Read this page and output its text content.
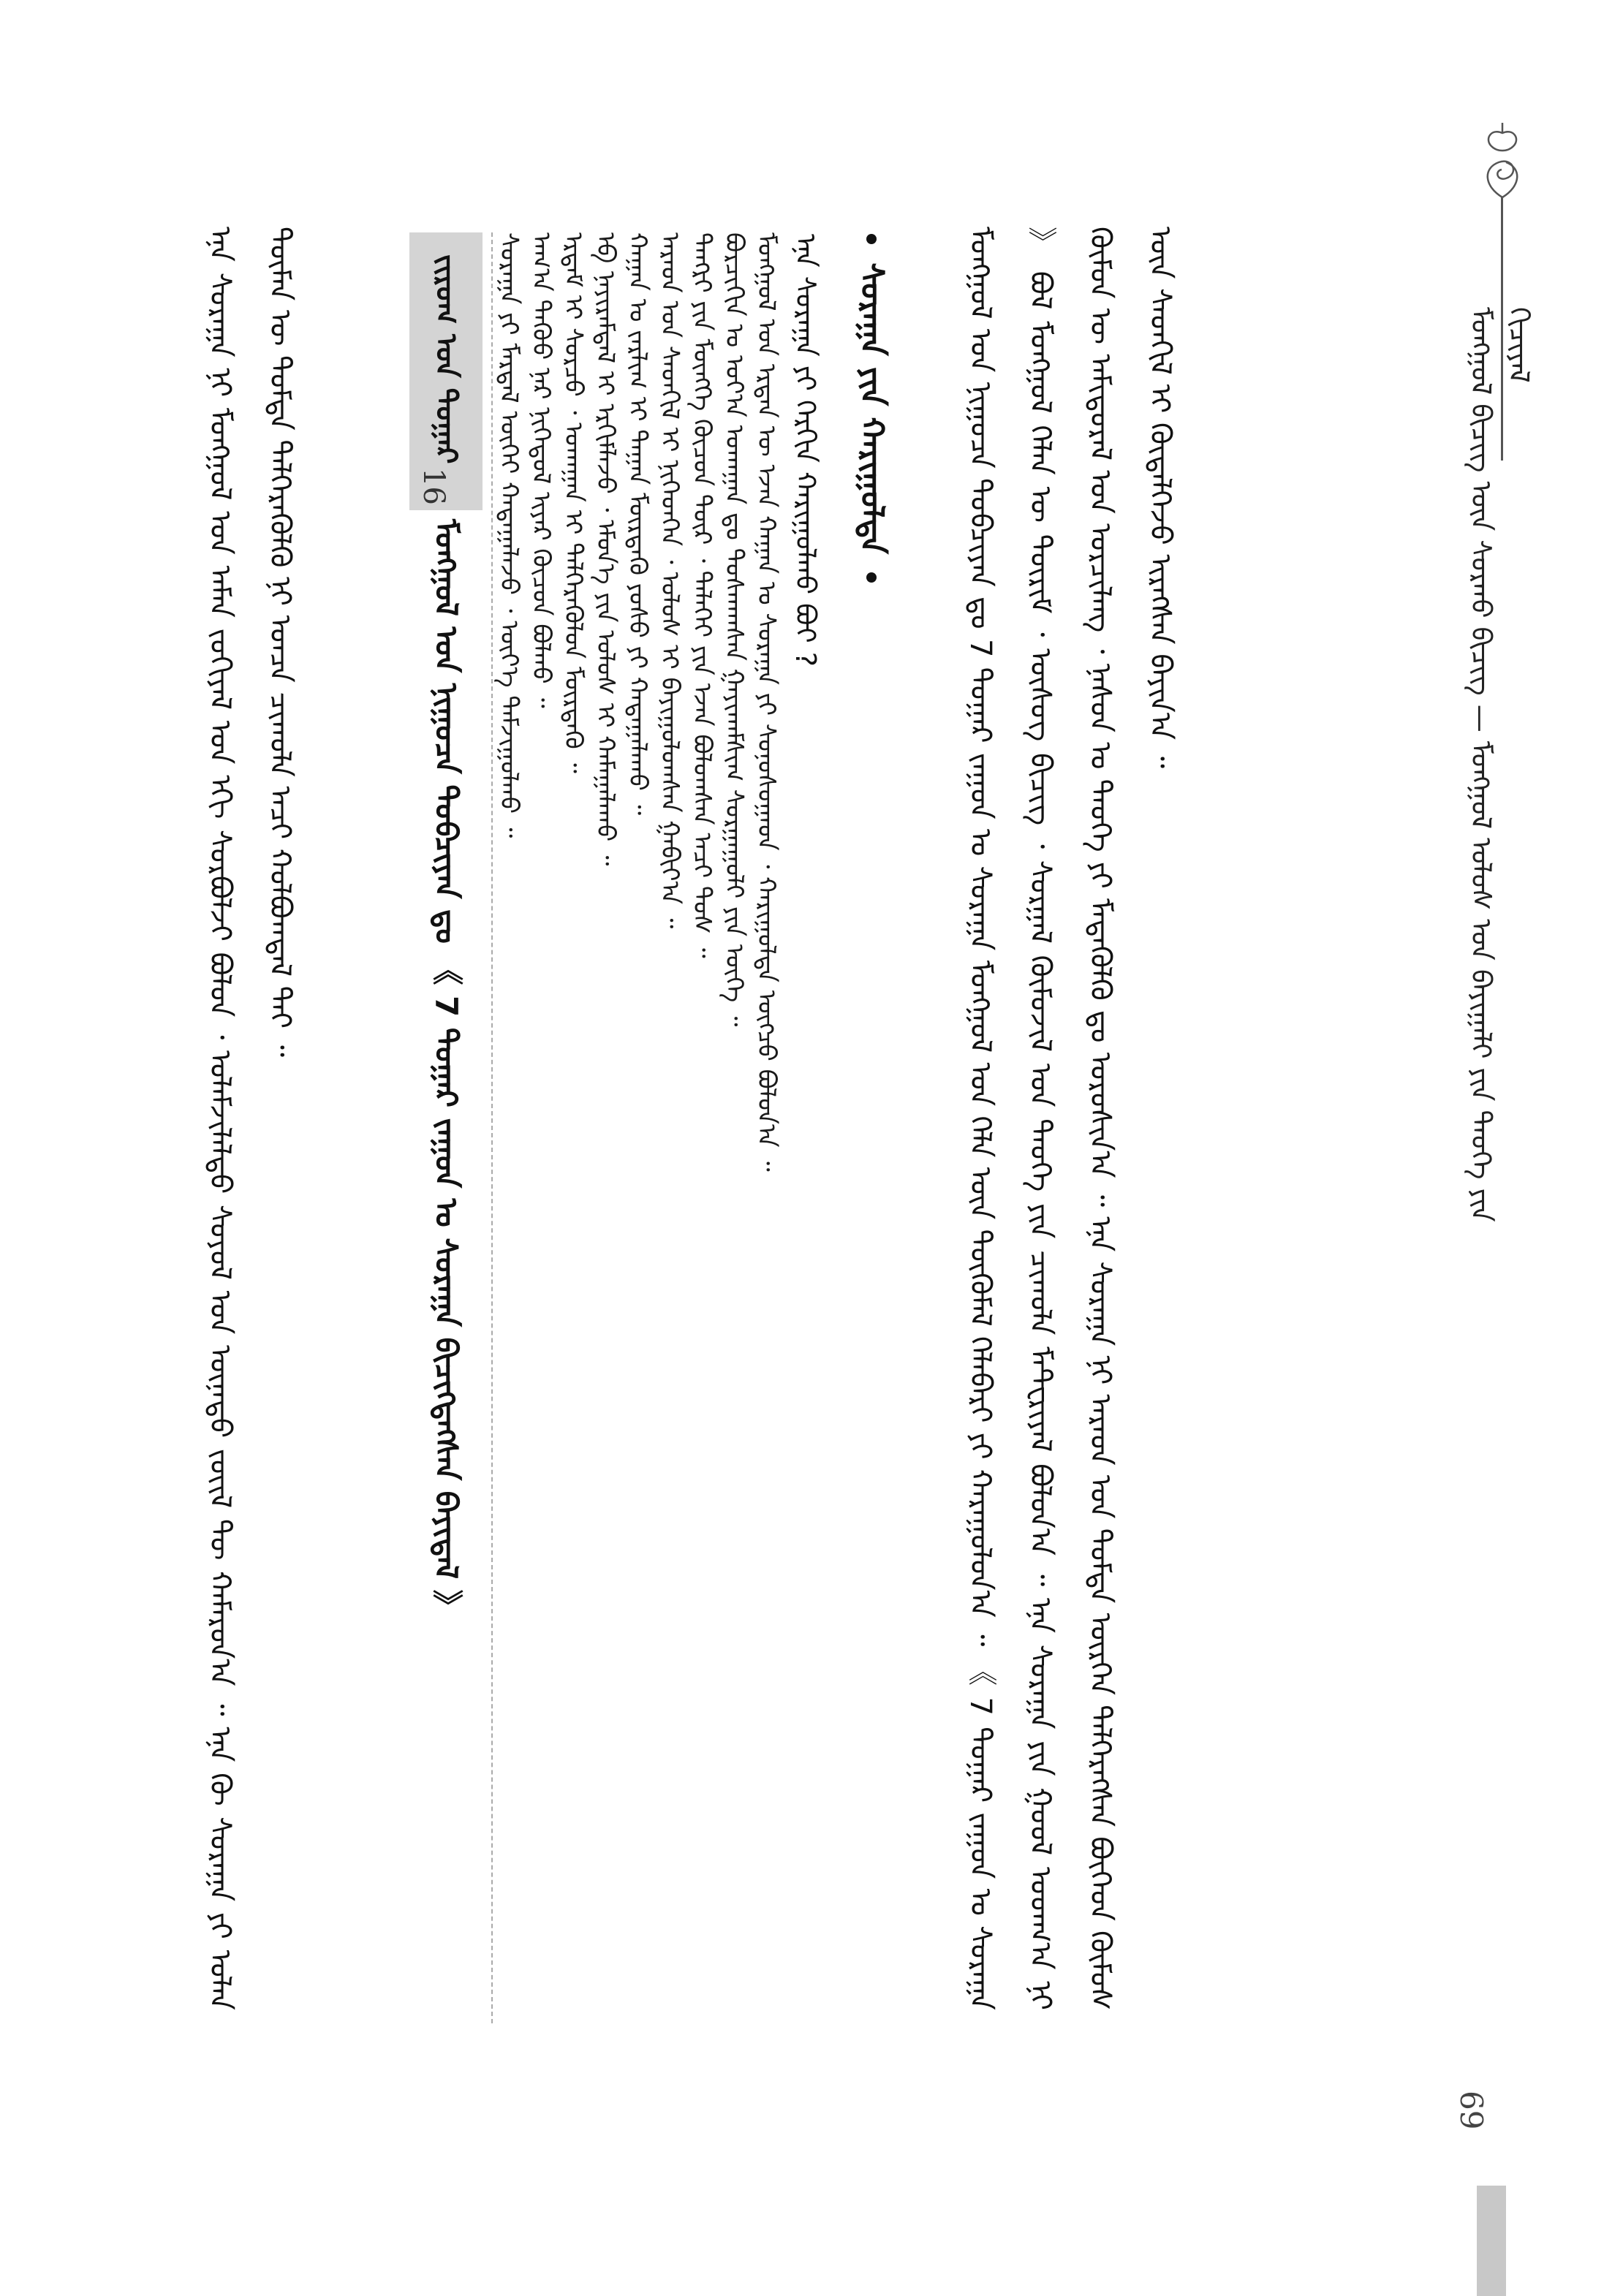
ᠮᠣᠩᠭᠣᠯ ᠪᠢᠴᠢᠭ ᠦᠨ ᠰᠤᠷᠬᠤ ᠪᠢᠴᠢᠭ — ᠮᠣᠩᠭᠣᠯ ᠤᠯᠤᠰ ᠤᠨ ᠪᠠᠶᠢᠭᠠᠯᠢ ᠶᠢᠨ ᠲᠡᠦᠬᠡ ᠶᠢᠨ ᠬᠢᠴᠢᠶᠡᠯ
ᠮᠣᠩᠭᠣᠯ ᠤᠨ ᠨᠢᠭᠤᠴᠠ ᠲᠣᠪᠴᠢᠶᠠᠨ ᠳᠤ 7 ᠳᠤᠭᠠᠷ ᠵᠠᠭᠤᠨ ᠤ ᠰᠤᠷᠠᠭᠠ ᠮᠣᠩᠭᠣᠯ ᠤᠨ ᠬᠡᠯᠡ ᠦᠨ ᠲᠦᠭᠦᠮᠡᠯ ᠬᠡᠯᠡᠪᠡᠷᠢ ᠶᠢ ᠬᠠᠷᠠᠭᠤᠯᠤᠨ᠎ᠠ ᠃ 《 7 ᠳᠤᠭᠠᠷ ᠵᠠᠭᠤᠨ ᠤ ᠰᠤᠷᠠᠭᠠ 》 ᠪᠣᠯ ᠮᠣᠩᠭᠣᠯ ᠬᠡᠯᠡᠨ ᠦ ᠳᠦᠷᠢᠮ ᠂ ᠦᠰᠦᠭ ᠪᠢᠴᠢᠭ ᠂ ᠰᠤᠷᠭᠠᠯ ᠬᠦᠮᠦᠵᠢᠯ ᠤᠨ ᠲᠡᠦᠬᠡ ᠶᠢᠨ ᠴᠢᠬᠤᠯᠠ ᠮᠠᠲ᠋ᠧᠷᠢᠶᠠᠯ ᠪᠣᠯᠤᠨ᠎ᠠ ᠃ ᠡᠨᠡ ᠰᠤᠷᠠᠭᠠ ᠶᠢᠨ ᠭᠣᠣᠯ ᠤᠳᠬ᠎ᠠ ᠨᠢ ᠬᠦᠮᠦᠨ ᠦ ᠠᠮᠢᠳᠤᠷᠠᠯ ᠤᠨ ᠤᠷᠴᠢᠯᠠᠩ ᠂ ᠨᠠᠰᠤᠨ ᠤ ᠲᠡᠦᠬᠡ ᠶᠢ ᠮᠡᠳᠡᠭᠦᠯᠬᠦ ᠳᠤ ᠣᠷᠤᠰᠢᠨ᠎ᠠ ᠃ ᠡᠨᠡ ᠰᠤᠷᠠᠭᠠ ᠨᠢ ᠠᠷᠠᠳ ᠤᠨ ᠳᠤᠮᠳᠠ ᠥᠷᠭᠡᠨ ᠳᠡᠯᠭᠡᠷᠡᠭᠰᠡᠨ ᠪᠥᠭᠡᠳ ᠬᠦᠮᠦᠰ ᠦᠨ ᠰᠡᠳᠬᠢᠯ ᠢ ᠬᠥᠳᠡᠯᠭᠡᠵᠦ ᠢᠷᠡᠭᠰᠡᠨ ᠪᠠᠶᠢᠨ᠎ᠠ ᠃
ᠰᠤᠷᠠᠭᠠ ᠶᠢᠨ ᠬᠠᠷᠢᠭᠤᠯᠲᠠ
ᠡᠨᠡ ᠰᠤᠷᠠᠭᠠ ᠶᠢ ᠬᠡᠷᠬᠢᠨ ᠬᠠᠷᠢᠭᠤᠯᠬᠤ ᠪᠤᠢ ?
ᠮᠣᠩᠭᠣᠯ ᠤᠨ ᠡᠷᠲᠡᠨ ᠦ ᠡᠵᠡᠨ ᠬᠠᠭᠠᠨ ᠤ ᠰᠤᠷᠠᠭᠠ ᠶᠢ ᠰᠣᠨᠤᠰᠤᠭᠠᠳ ᠂ ᠬᠠᠷᠢᠭᠤᠯᠲᠠ ᠥᠭᠴᠦ ᠪᠣᠯᠤᠨ᠎ᠠ ᠃
ᠪᠣᠷᠴᠢᠭᠢᠨ ᠤ ᠣᠶ᠎ᠠ ᠤᠬᠠᠭᠠᠨ ᠳᠤ ᠲᠤᠰᠬᠠᠭᠰᠠᠨ ᠭᠠᠶᠢᠬᠠᠮᠰᠢᠭ ᠰᠤᠷᠭᠠᠭᠤᠯᠢ ᠶᠢᠨ ᠦᠭᠡ ᠃
ᠲᠡᠨᠭᠷᠢ ᠶᠢᠨ ᠮᠥᠩᠬᠡ ᠬᠦᠴᠦᠨ ᠳᠦᠷ ᠂ ᠳᠡᠯᠡᠬᠡᠢ ᠶᠢᠨ ᠡᠵᠡᠨ ᠪᠣᠯᠤᠭᠰᠠᠨ ᠠᠴᠢ ᠲᠤᠰ ᠃
ᠠᠷᠠᠳ ᠤᠨ ᠰᠡᠳᠬᠢᠯ ᠢ ᠨᠢᠭᠡᠳᠬᠡᠨ ᠂ ᠤᠯᠤᠰ ᠢ ᠪᠠᠶᠢᠭᠤᠯᠤᠭᠰᠠᠨ ᠭᠠᠪᠢᠶ᠎ᠠ ᠃
ᠬᠠᠭᠠᠨ ᠤ ᠵᠠᠷᠯᠢᠭ ᠢ ᠳᠠᠭᠠᠨ ᠮᠥᠷᠳᠡᠬᠦ ᠶᠣᠰᠤ ᠶᠢ ᠬᠠᠳᠠᠭᠠᠯᠠᠬᠤ ᠃
ᠡᠪ ᠨᠠᠶᠢᠷᠠᠮᠳᠠᠯ ᠢ ᠡᠷᠬᠢᠮᠯᠡᠵᠦ ᠂ ᠡᠮᠦᠨ᠎ᠡ ᠶᠢᠨ ᠤᠯᠤᠰ ᠢ ᠬᠠᠮᠠᠭᠠᠯᠠᠬᠤ ᠃
ᠡᠷᠳᠡᠮ ᠢ ᠰᠤᠷᠴᠤ ᠂ ᠤᠬᠠᠭᠠᠨ ᠢ ᠲᠡᠯᠭᠡᠷᠡᠭᠦᠯᠦᠨ ᠮᠥᠷᠳᠡᠬᠦ ᠃
ᠠᠬ᠎ᠠ ᠳᠡᠭᠦᠦ ᠨᠠᠷ ᠨᠢᠭᠡᠳᠦᠯ ᠢᠶᠡᠷ ᠬᠦᠴᠦᠨ ᠪᠣᠯᠬᠤ ᠃
ᠰᠤᠷᠠᠭᠠ ᠶᠢ ᠮᠠᠷᠲᠠᠯ ᠦᠭᠡᠢ ᠬᠠᠳᠠᠭᠠᠯᠠᠵᠤ ᠂ ᠦᠶ᠎ᠡ ᠳᠠᠮᠵᠢᠭᠤᠯᠬᠤ ᠃
ᠵᠢᠷᠤᠭ ᠤᠨ ᠳᠤᠭᠠᠷ
16
ᠮᠣᠩᠭᠣᠯ ᠤᠨ ᠨᠢᠭᠤᠴᠠ ᠲᠣᠪᠴᠢᠶᠠᠨ ᠳᠤ 《 7 ᠳᠤᠭᠠᠷ ᠵᠠᠭᠤᠨ ᠤ ᠰᠤᠷᠠᠭᠠ ᠪᠢᠴᠢᠭᠳᠡᠭᠰᠡᠨ ᠪᠠᠶᠢᠳᠠᠯ 》
ᠡᠨᠡ ᠰᠤᠷᠠᠭᠠ ᠨᠢ ᠮᠣᠩᠭᠣᠯ ᠤᠨ ᠠᠮᠠᠨ ᠵᠣᠬᠢᠶᠠᠯ ᠤᠨ ᠡᠬᠢ ᠰᠤᠷᠪᠤᠯᠵᠢ ᠪᠣᠯᠤᠨ ᠂ ᠤᠯᠠᠮᠵᠢᠯᠠᠯᠲᠤ ᠰᠤᠶᠤᠯ ᠤᠨ ᠦᠨᠡᠲᠦ ᠵᠦᠢᠯ ᠲᠦ ᠬᠠᠮᠠᠷᠤᠨ᠎ᠠ ᠃ ᠡᠨᠡ ᠬᠦ ᠰᠤᠷᠠᠭᠠ ᠶᠢ ᠣᠯᠠᠨ ᠲᠦᠮᠡᠨ ᠦ ᠳᠤᠮᠳᠠ ᠲᠡᠯᠭᠡᠷᠡᠭᠦᠯᠬᠦ ᠨᠢ ᠣᠨᠴᠠ ᠴᠢᠬᠤᠯᠠ ᠠᠴᠢ ᠬᠣᠯᠪᠣᠭᠳᠠᠯ ᠲᠠᠶ ᠃
69
